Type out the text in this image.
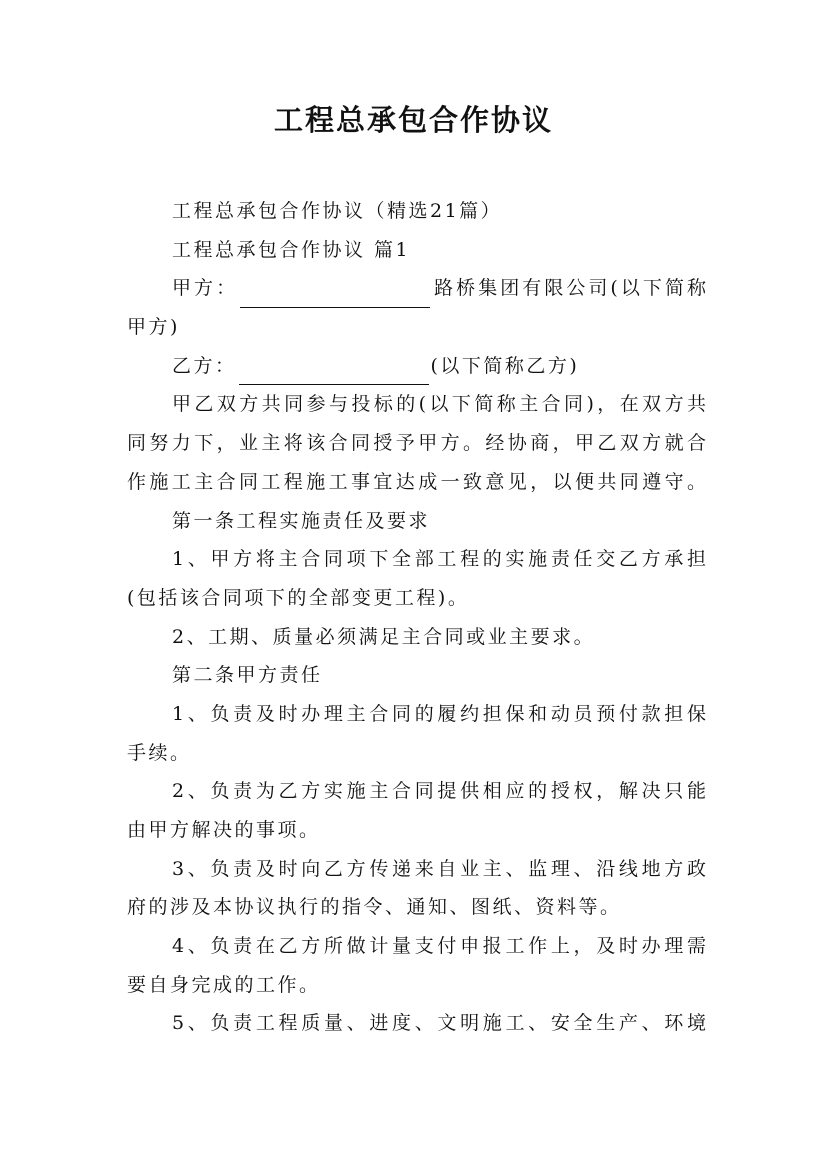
工程总承包合作协议
工程总承包合作协议（精选21篇）
工程总承包合作协议 篇1
甲方：	路桥集团有限公司(以下简称
甲方)
乙方：	(以下简称乙方)
甲乙双方共同参与投标的(以下简称主合同)，在双方共
同努力下，业主将该合同授予甲方。经协商，甲乙双方就合
作施工主合同工程施工事宜达成一致意见，以便共同遵守。
第一条工程实施责任及要求
1、甲方将主合同项下全部工程的实施责任交乙方承担
(包括该合同项下的全部变更工程)。
2、工期、质量必须满足主合同或业主要求。
第二条甲方责任
1、负责及时办理主合同的履约担保和动员预付款担保
手续。
2、负责为乙方实施主合同提供相应的授权，解决只能
由甲方解决的事项。
3、负责及时向乙方传递来自业主、监理、沿线地方政
府的涉及本协议执行的指令、通知、图纸、资料等。
4、负责在乙方所做计量支付申报工作上，及时办理需
要自身完成的工作。
5、负责工程质量、进度、文明施工、安全生产、环境
